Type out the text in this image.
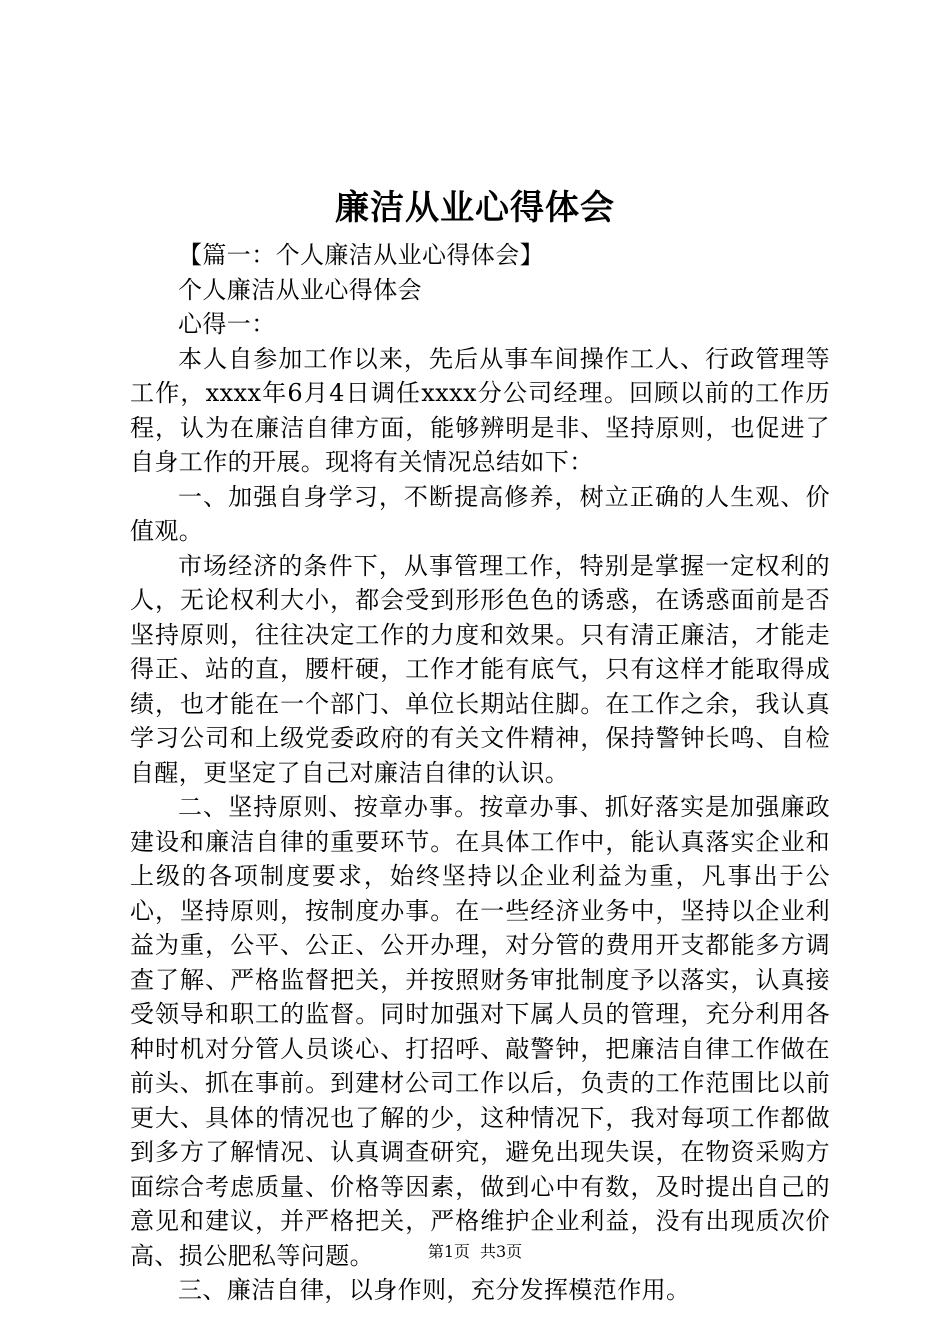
廉洁从业心得体会

【篇一：个人廉洁从业心得体会】

个人廉洁从业心得体会

心得一：

本人自参加工作以来，先后从事车间操作工人、行政管理等工作，xxxx年6月4日调任xxxx分公司经理。回顾以前的工作历程，认为在廉洁自律方面，能够辨明是非、坚持原则，也促进了自身工作的开展。现将有关情况总结如下：

一、加强自身学习，不断提高修养，树立正确的人生观、价值观。

市场经济的条件下，从事管理工作，特别是掌握一定权利的人，无论权利大小，都会受到形形色色的诱惑，在诱惑面前是否坚持原则，往往决定工作的力度和效果。只有清正廉洁，才能走得正、站的直，腰杆硬，工作才能有底气，只有这样才能取得成绩，也才能在一个部门、单位长期站住脚。在工作之余，我认真学习公司和上级党委政府的有关文件精神，保持警钟长鸣、自检自醒，更坚定了自己对廉洁自律的认识。

二、坚持原则、按章办事。按章办事、抓好落实是加强廉政建设和廉洁自律的重要环节。在具体工作中，能认真落实企业和上级的各项制度要求，始终坚持以企业利益为重，凡事出于公心，坚持原则，按制度办事。在一些经济业务中，坚持以企业利益为重，公平、公正、公开办理，对分管的费用开支都能多方调查了解、严格监督把关，并按照财务审批制度予以落实，认真接受领导和职工的监督。同时加强对下属人员的管理，充分利用各种时机对分管人员谈心、打招呼、敲警钟，把廉洁自律工作做在前头、抓在事前。到建材公司工作以后，负责的工作范围比以前更大、具体的情况也了解的少，这种情况下，我对每项工作都做到多方了解情况、认真调查研究，避免出现失误，在物资采购方面综合考虑质量、价格等因素，做到心中有数，及时提出自己的意见和建议，并严格把关，严格维护企业利益，没有出现质次价高、损公肥私等问题。

三、廉洁自律，以身作则，充分发挥模范作用。

第1页 共3页
